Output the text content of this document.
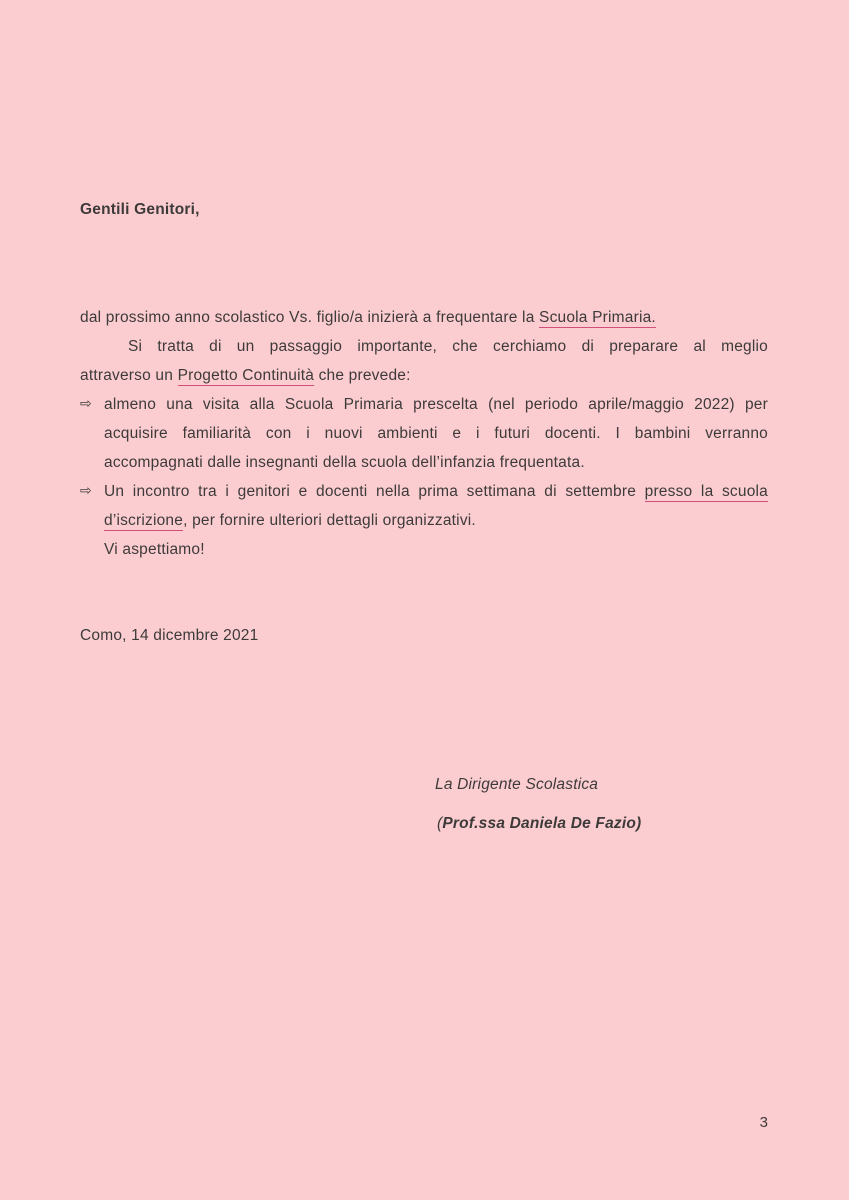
Gentili Genitori,
dal prossimo anno scolastico Vs. figlio/a inizierà a frequentare la Scuola Primaria.
Si tratta di un passaggio importante, che cerchiamo di preparare al meglio
attraverso un Progetto Continuità che prevede:
⇨ almeno una visita alla Scuola Primaria prescelta (nel periodo aprile/maggio 2022) per
acquisire familiarità con i nuovi ambienti e i futuri docenti. I bambini verranno
accompagnati dalle insegnanti della scuola dell’infanzia frequentata.
⇨ Un incontro tra i genitori e docenti nella prima settimana di settembre presso la scuola
d’iscrizione, per fornire ulteriori dettagli organizzativi.
Vi aspettiamo!
Como, 14 dicembre 2021
La Dirigente Scolastica
(Prof.ssa Daniela De Fazio)
3
